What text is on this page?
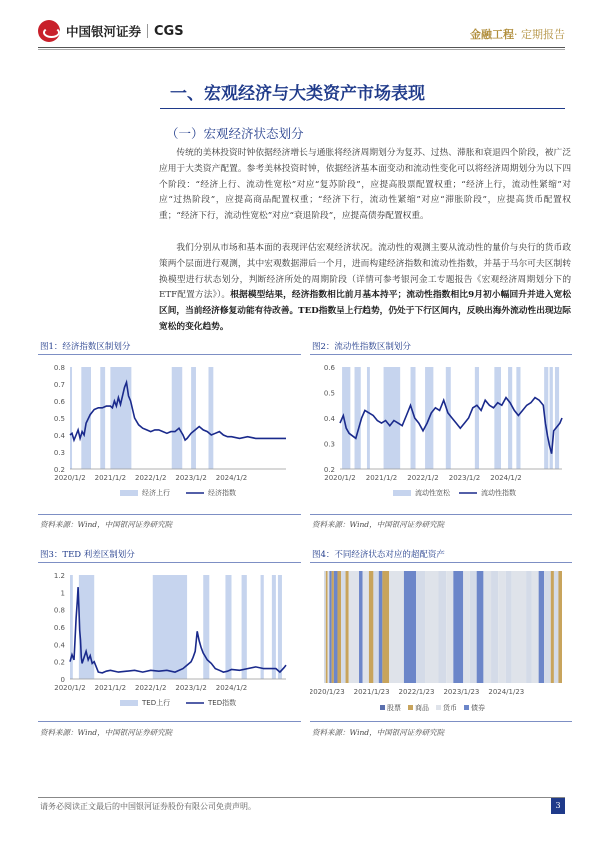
中国银河证券 CGS	金融工程· 定期报告
一、宏观经济与大类资产市场表现
（一）宏观经济状态划分
传统的美林投资时钟依据经济增长与通胀将经济周期划分为复苏、过热、滞胀和衰退四个阶段，被广泛应用于大类资产配置。参考美林投资时钟，依据经济基本面变动和流动性变化可以将经济周期划分为以下四个阶段：“经济上行、流动性宽松”对应“复苏阶段”，应提高股票配置权重；“经济上行，流动性紧缩”对应“过热阶段”，应提高商品配置权重；“经济下行，流动性紧缩”对应“滞胀阶段”，应提高货币配置权重；“经济下行，流动性宽松”对应“衰退阶段”，应提高债券配置权重。
我们分别从市场和基本面的表现评估宏观经济状况。流动性的观测主要从流动性的量价与央行的货币政策两个层面进行观测，其中宏观数据滞后一个月，进而构建经济指数和流动性指数，并基于马尔可夫区制转换模型进行状态划分，判断经济所处的周期阶段（详情可参考银河金工专题报告《宏观经济周期划分下的ETF配置方法》）。根据模型结果，经济指数相比前月基本持平；流动性指数相比9月初小幅回升并进入宽松区间，当前经济修复动能有待改善。TED指数呈上行趋势，仍处于下行区间内，反映出海外流动性出现边际宽松的变化趋势。
图1：经济指数区制划分
0.2
0.3
0.4
0.5
0.6
0.7
0.8
2020/1/2 2021/1/2 2022/1/2 2023/1/2 2024/1/2
经济上行	经济指数
资料来源：Wind，中国银河证券研究院
图2：流动性指数区制划分
0.2
0.3
0.4
0.5
0.6
2020/1/2 2021/1/2 2022/1/2 2023/1/2 2024/1/2
流动性宽松	流动性指数
资料来源：Wind，中国银河证券研究院
图3：TED 利差区制划分
0
0.2
0.4
0.6
0.8
1
1.2
2020/1/2 2021/1/2 2022/1/2 2023/1/2 2024/1/2
TED上行	TED指数
资料来源：Wind，中国银河证券研究院
图4：不同经济状态对应的超配资产
2020/1/23 2021/1/23 2022/1/23 2023/1/23 2024/1/23
股票 商品 货币 债券
资料来源：Wind，中国银河证券研究院
请务必阅读正文最后的中国银河证券股份有限公司免责声明。	3
